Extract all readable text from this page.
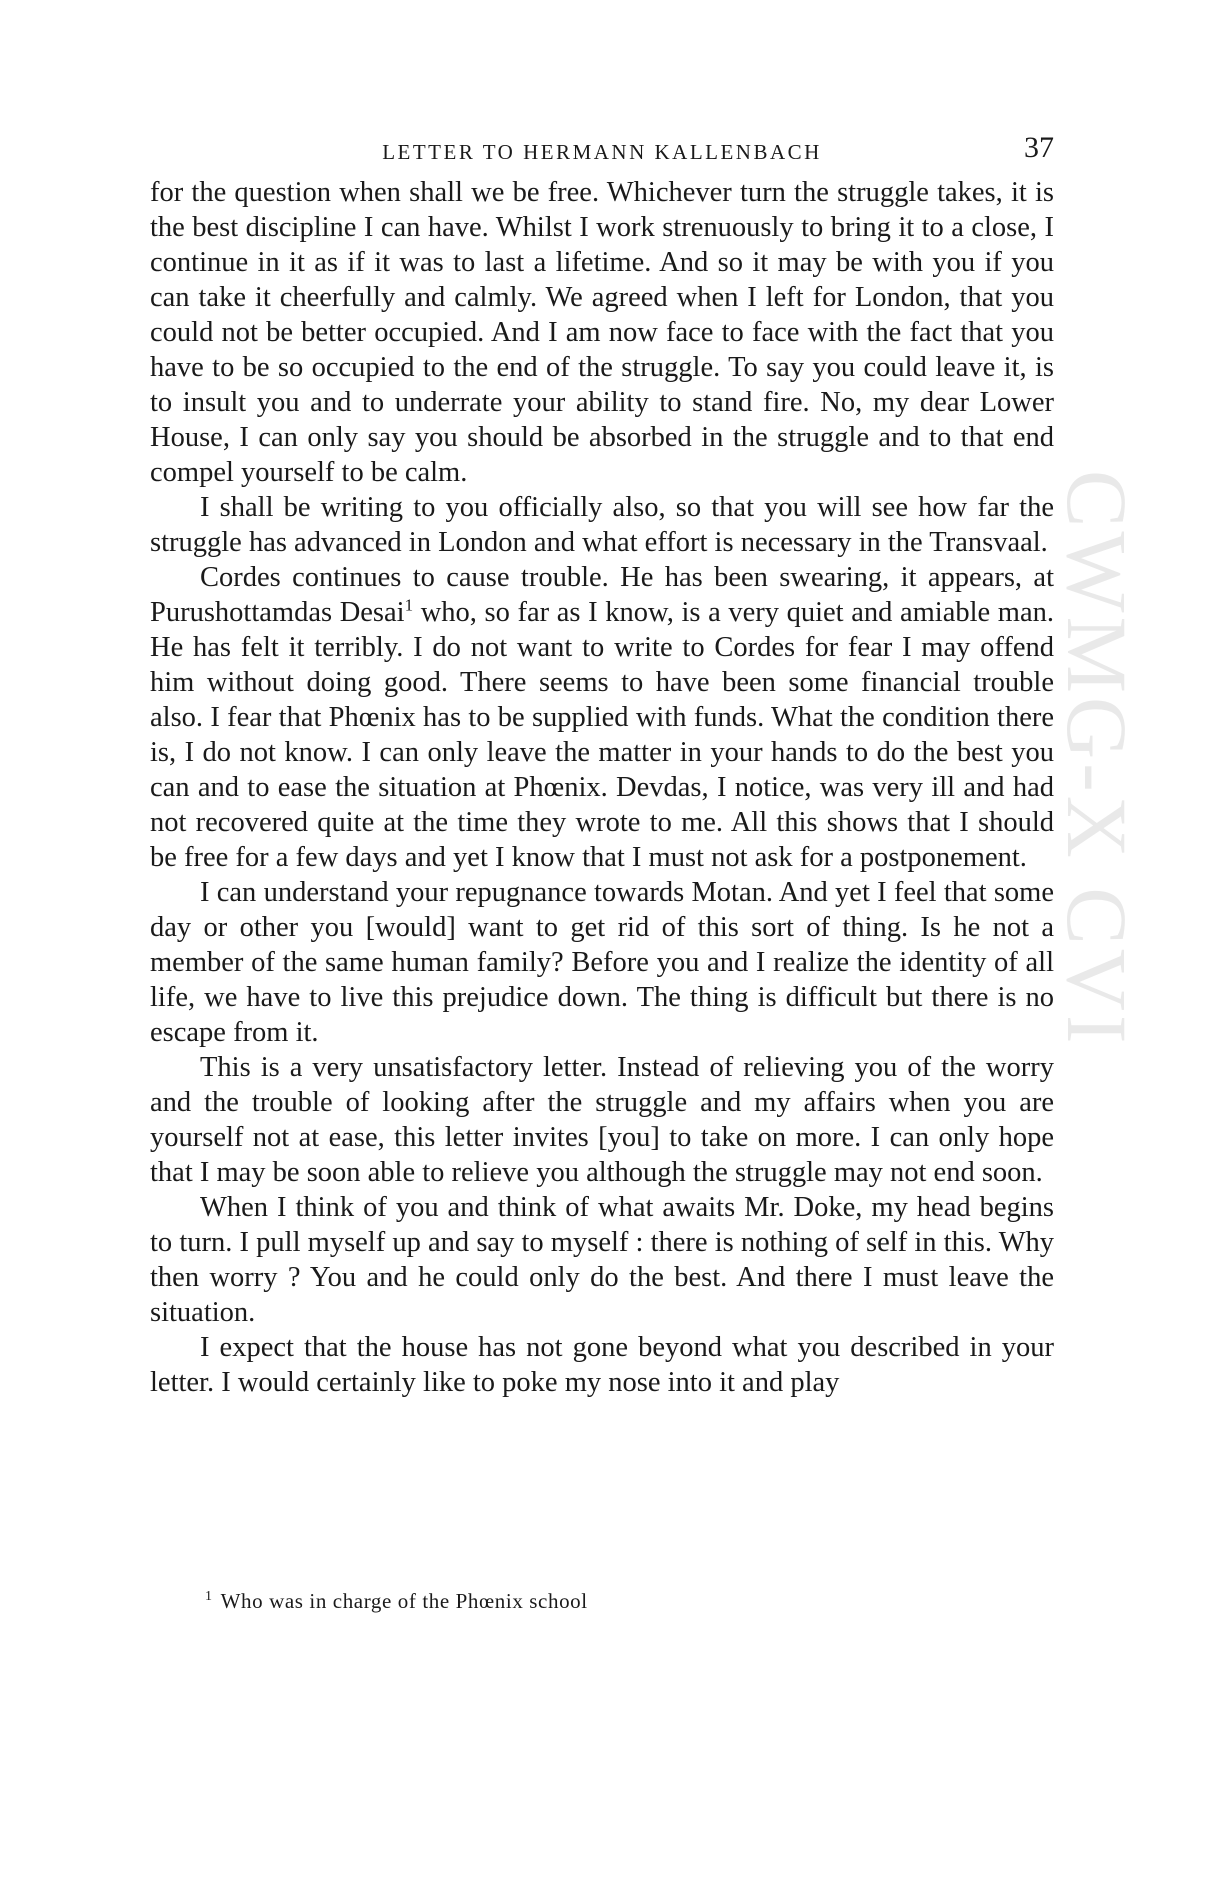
CWMG-X CVI
LETTER TO HERMANN KALLENBACH	37

for the question when shall we be free. Whichever turn the struggle takes, it is the best discipline I can have. Whilst I work strenuously to bring it to a close, I continue in it as if it was to last a lifetime. And so it may be with you if you can take it cheerfully and calmly. We agreed when I left for London, that you could not be better occupied. And I am now face to face with the fact that you have to be so occupied to the end of the struggle. To say you could leave it, is to insult you and to underrate your ability to stand fire. No, my dear Lower House, I can only say you should be absorbed in the struggle and to that end compel yourself to be calm.

I shall be writing to you officially also, so that you will see how far the struggle has advanced in London and what effort is necessary in the Transvaal.

Cordes continues to cause trouble. He has been swearing, it appears, at Purushottamdas Desai$^1$ who, so far as I know, is a very quiet and amiable man. He has felt it terribly. I do not want to write to Cordes for fear I may offend him without doing good. There seems to have been some financial trouble also. I fear that Phœnix has to be supplied with funds. What the condition there is, I do not know. I can only leave the matter in your hands to do the best you can and to ease the situation at Phœnix. Devdas, I notice, was very ill and had not recovered quite at the time they wrote to me. All this shows that I should be free for a few days and yet I know that I must not ask for a postponement.

I can understand your repugnance towards Motan. And yet I feel that some day or other you [would] want to get rid of this sort of thing. Is he not a member of the same human family? Before you and I realize the identity of all life, we have to live this prejudice down. The thing is difficult but there is no escape from it.

This is a very unsatisfactory letter. Instead of relieving you of the worry and the trouble of looking after the struggle and my affairs when you are yourself not at ease, this letter invites [you] to take on more. I can only hope that I may be soon able to relieve you although the struggle may not end soon.

When I think of you and think of what awaits Mr. Doke, my head begins to turn. I pull myself up and say to myself : there is nothing of self in this. Why then worry ? You and he could only do the best. And there I must leave the situation.

I expect that the house has not gone beyond what you described in your letter. I would certainly like to poke my nose into it and play

$^1$ Who was in charge of the Phœnix school
